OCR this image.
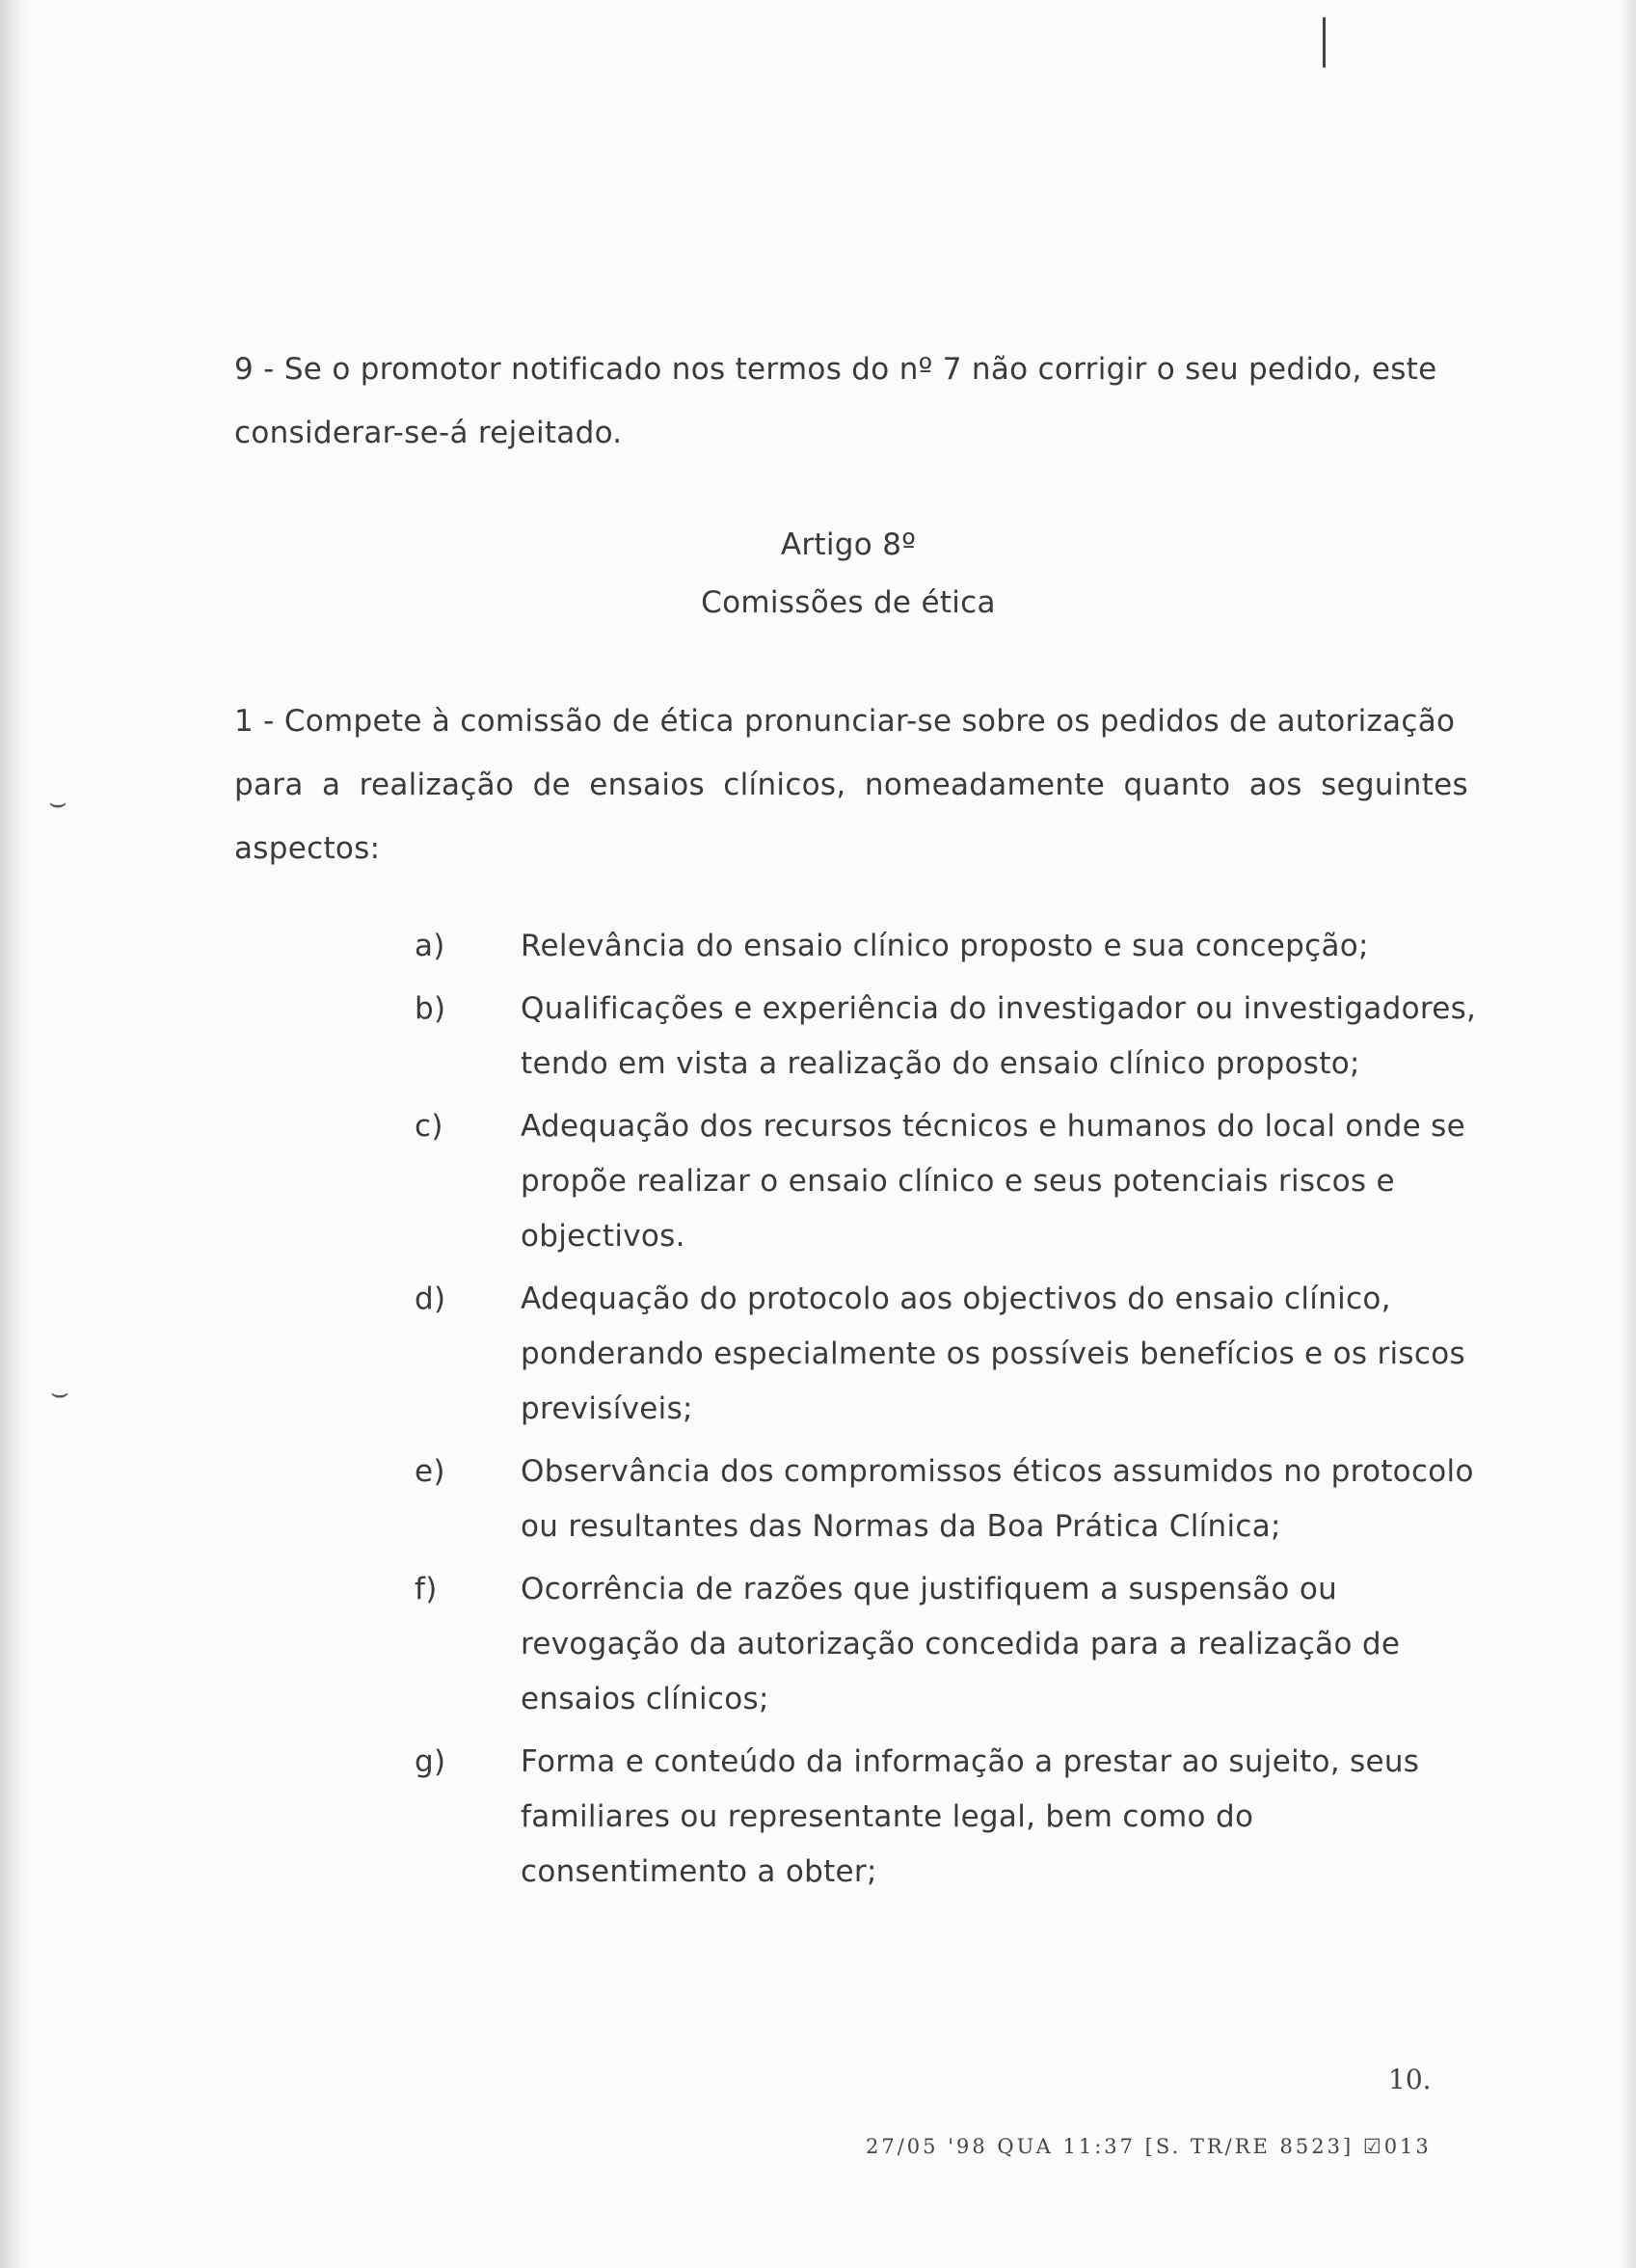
⌣
⌣
9 - Se o promotor notificado nos termos do nº 7 não corrigir o seu pedido, este
considerar-se-á rejeitado.
Artigo 8º
Comissões de ética
1 - Compete à comissão de ética pronunciar-se sobre os pedidos de autorização
para a realização de ensaios clínicos, nomeadamente quanto aos seguintes
aspectos:
a)	Relevância do ensaio clínico proposto e sua concepção;
b)	Qualificações e experiência do investigador ou investigadores, tendo em vista a realização do ensaio clínico proposto;
c)	Adequação dos recursos técnicos e humanos do local onde se propõe realizar o ensaio clínico e seus potenciais riscos e objectivos.
d)	Adequação do protocolo aos objectivos do ensaio clínico, ponderando especialmente os possíveis benefícios e os riscos previsíveis;
e)	Observância dos compromissos éticos assumidos no protocolo ou resultantes das Normas da Boa Prática Clínica;
f)	Ocorrência de razões que justifiquem a suspensão ou revogação da autorização concedida para a realização de ensaios clínicos;
g)	Forma e conteúdo da informação a prestar ao sujeito, seus familiares ou representante legal, bem como do consentimento a obter;
10.
27/05 '98 QUA 11:37 [S. TR/RE 8523] ☑013
